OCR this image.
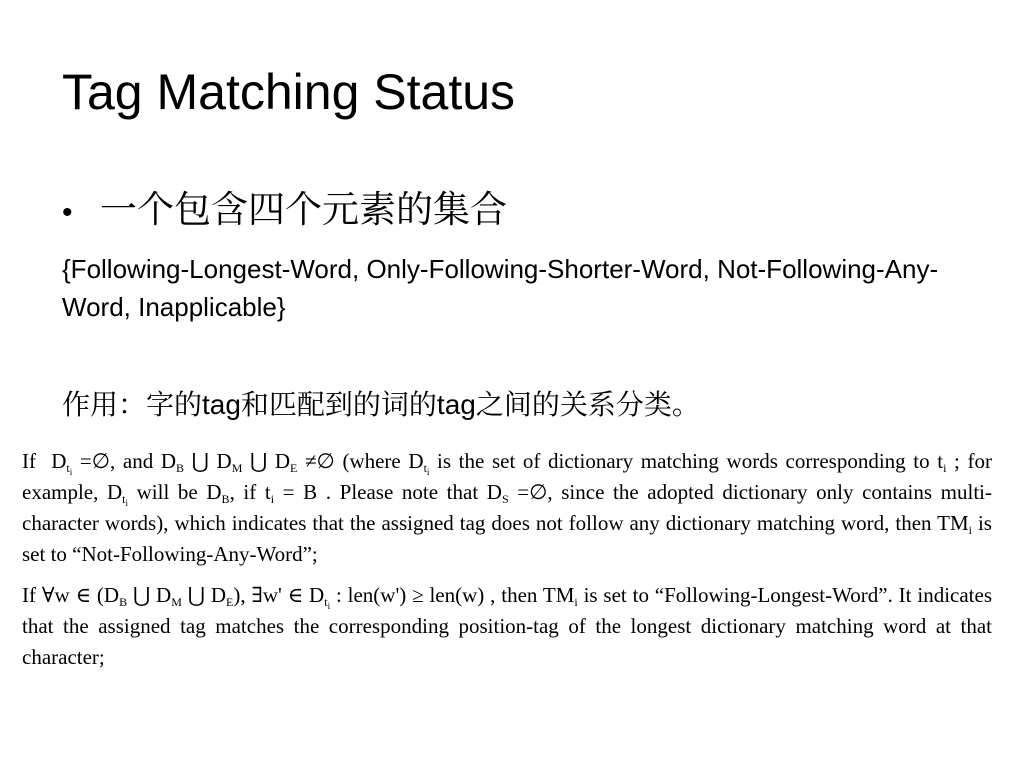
Tag Matching Status
• 一个包含四个元素的集合
{Following-Longest-Word, Only-Following-Shorter-Word, Not-Following-Any-Word, Inapplicable}
作用：字的tag和匹配到的词的tag之间的关系分类。

If $D_{t_i}$ =∅, and $D_B$ ⋃ $D_M$ ⋃ $D_E$ ≠∅ (where $D_{t_i}$ is the set of dictionary matching words corresponding to $t_i$ ; for example, $D_{t_i}$ will be $D_B$, if $t_i = B$ . Please note that $D_S$ =∅, since the adopted dictionary only contains multi-character words), which indicates that the assigned tag does not follow any dictionary matching word, then $TM_i$ is set to “Not-Following-Any-Word”;

If ∀w ∈ ($D_B$ ⋃ $D_M$ ⋃ $D_E$), ∃w' ∈ $D_{t_i}$ : len(w') ≥ len(w) , then $TM_i$ is set to “Following-Longest-Word”. It indicates that the assigned tag matches the corresponding position-tag of the longest dictionary matching word at that character;
